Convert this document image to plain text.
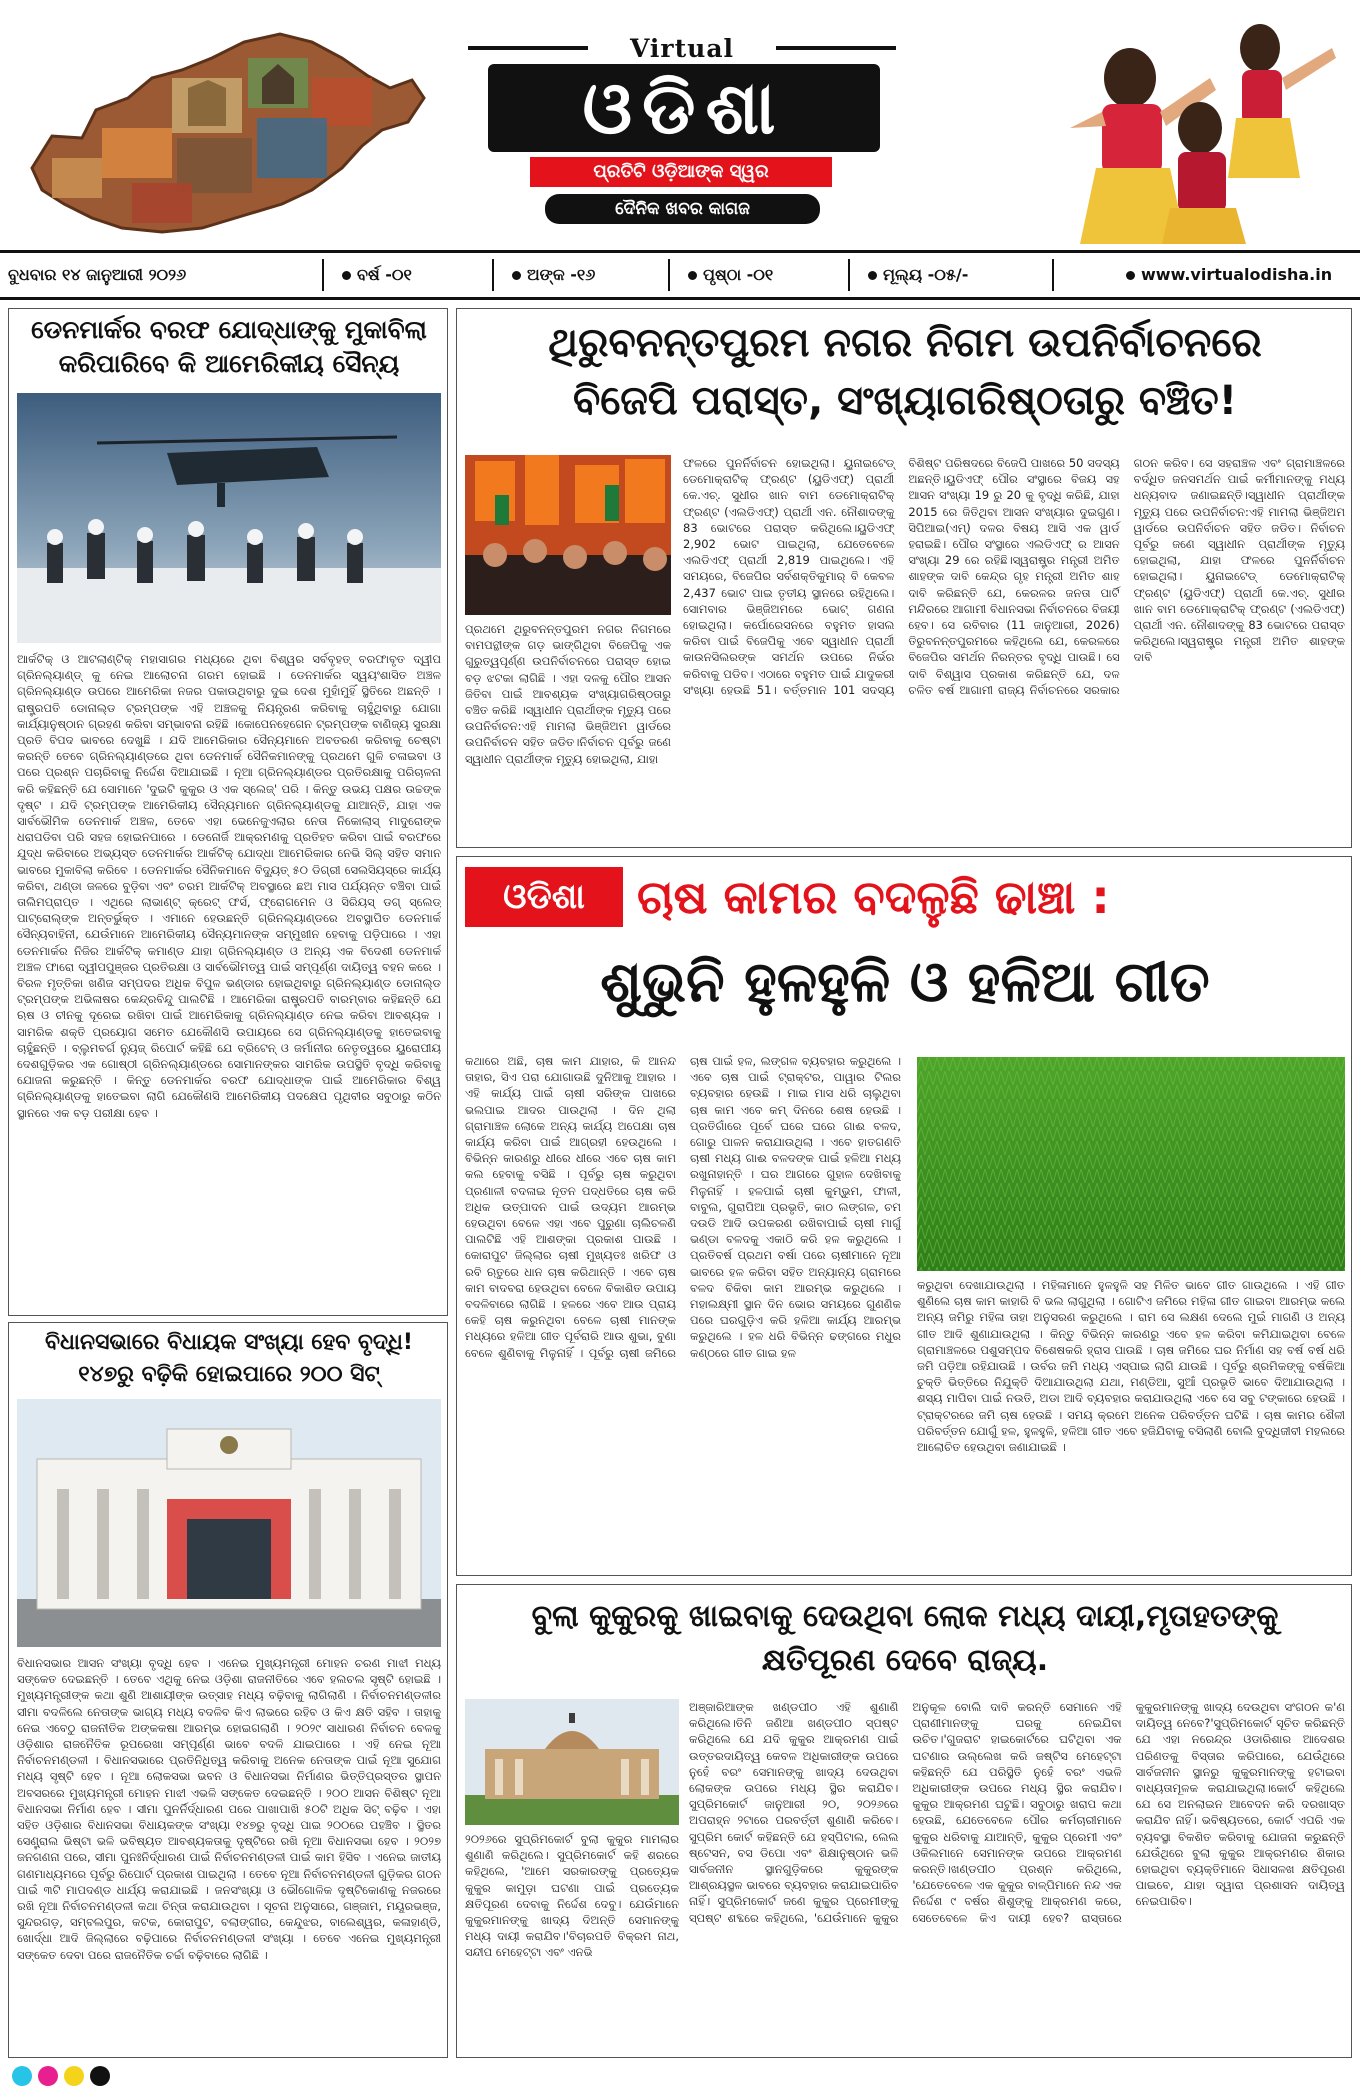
Virtual
ଓଡିଶା
ପ୍ରତିଟି ଓଡ଼ିଆଙ୍କ ସ୍ୱର
ଦୈନିକ ଖବର କାଗଜ
ବୁଧବାର ୧୪ ଜାନୁଆରୀ ୨୦୨୬	ବର୍ଷ -୦୧	ଅଙ୍କ -୧୬	ପୃଷ୍ଠା -୦୧	ମୂଲ୍ୟ -୦୫/-	www.virtualodisha.in
ଡେନମାର୍କର ବରଫ ଯୋଦ୍ଧାଙ୍କୁ ମୁକାବିଲା
କରିପାରିବେ କି ଆମେରିକୀୟ ସୈନ୍ୟ
ଆର୍କଟିକ୍ ଓ ଆଟଲାଣ୍ଟିକ୍ ମହାସାଗର ମଧ୍ୟରେ ଥିବା ବିଶ୍ୱର ସର୍ବବୃହତ୍ ବରଫାବୃତ ଦ୍ୱୀପ ଗ୍ରିନଲ୍ୟାଣ୍ଡ୍ କୁ ନେଇ ଆଲୋଚନା ଗରମ ହୋଇଛି । ଡେନମାର୍କର ସ୍ୱୟଂଶାସିତ ଅଞ୍ଚଳ ଗ୍ରିନଲ୍ୟାଣ୍ଡ ଉପରେ ଆମେରିକା ନଜର ପକାଉଥିବାରୁ ଦୁଇ ଦେଶ ମୁହାଁମୁହିଁ ସ୍ଥିତିରେ ଅଛନ୍ତି । ରାଷ୍ଟ୍ରପତି ଡୋନାଲ୍ଡ ଟ୍ରମ୍ପଙ୍କ ଏହି ଅଞ୍ଚଳକୁ ନିୟନ୍ତ୍ରଣ କରିବାକୁ ଚାହୁଁଥିବାରୁ ଯୋଗା କାର୍ଯ୍ୟାନୁଷ୍ଠାନ ଗ୍ରହଣ କରିବା ସମ୍ଭାବନା ରହିଛି ।କୋପେନହେଗେନ ଟ୍ରମ୍ପଙ୍କ ବାଣିଜ୍ୟ ସୁରକ୍ଷା ପ୍ରତି ବିପଦ ଭାବରେ ଦେଖୁଛି । ଯଦି ଆମେରିକାର ସୈନ୍ୟମାନେ ଅବତରଣ କରିବାକୁ ଚେଷ୍ଟା କରନ୍ତି ତେବେ ଗ୍ରିନଲ୍ୟାଣ୍ଡରେ ଥିବା ଡେନମାର୍କ ସୈନିକମାନଙ୍କୁ ପ୍ରଥମେ ଗୁଳି ଚଳାଇବା ଓ ପରେ ପ୍ରଶ୍ନ ପଚାରିବାକୁ ନିର୍ଦ୍ଦେଶ ଦିଆଯାଇଛି । ନୂଆ ଗ୍ରିନଲ୍ୟାଣ୍ଡର ପ୍ରତିରକ୍ଷାକୁ ପରିଚାଳନା କରି କହିଛନ୍ତି ଯେ ସୋମାନେ 'ଦୁଇଟି କୁକୁର ଓ ଏକ ସ୍ଲେଜ୍' ପରି । କିନ୍ତୁ ଉଭୟ ପକ୍ଷର ଉଚ୍ଚଙ୍କ ଦୃଷ୍ଟ । ଯଦି ଟ୍ରମ୍ପଙ୍କ ଆମେରିକୀୟ ସୈନ୍ୟମାନେ ଗ୍ରିନଲ୍ୟାଣ୍ଡକୁ ଯାଆନ୍ତି, ଯାହା ଏକ ସାର୍ବଭୌମିକ ଡେନମାର୍କ ଅଞ୍ଚଳ, ତେବେ ଏହା ଭେନେଜୁଏଲାର ନେତା ନିକୋଲାସ୍ ମାଦୁରୋଙ୍କ ଧରାପଡିବା ପରି ସହଜ ହୋଇନପାରେ । ଡେନୋର୍ଜି ଆକ୍ରମଣକୁ ପ୍ରତିହତ କରିବା ପାଇଁ ବରଫରେ ଯୁଦ୍ଧ କରିବାରେ ଅଭ୍ୟସ୍ତ ଡେନମାର୍କର ଆର୍କଟିକ୍ ଯୋଦ୍ଧା ଆମେରିକାର ନେଭି ସିଲ୍ ସହିତ ସମାନ ଭାବରେ ମୁକାବିଲା କରିବେ । ଡେନମାର୍କର ସୈନିକମାନେ ବିଦ୍ୟୁତ୍ ୫୦ ଡିଗ୍ରୀ ସେଲସିୟସ୍‌ରେ କାର୍ଯ୍ୟ କରିବା, ଥଣ୍ଡା ଜଳରେ ବୁଡ଼ିବା ଏବଂ ଚରମ ଆର୍କଟିକ୍ ଅବସ୍ଥାରେ ଛଅ ମାସ ପର୍ଯ୍ୟନ୍ତ ବଞ୍ଚିବା ପାଇଁ ତାଲିମପ୍ରାପ୍ତ । ଏଥିରେ ଲାଭାଣ୍ଟ୍ କ୍ରେଟ୍ ଫର୍ସ, ଫ୍ରୋଗମେନ ଓ ସିରିୟସ୍ ଡଗ୍ ସ୍ଲେଡ୍ ପାଟ୍ରୋଲ୍‌ଙ୍କ ଅନ୍ତର୍ଭୁକ୍ତ । ଏମାନେ ହେଉଛନ୍ତି ଗ୍ରିନଲ୍ୟାଣ୍ଡରେ ଅବସ୍ଥାପିତ ଡେନମାର୍କ ସୈନ୍ୟବାହିନୀ, ଯେଉଁମାନେ ଆମେରିକୀୟ ସୈନ୍ୟମାନଙ୍କ ସମ୍ମୁଖୀନ ହେବାକୁ ପଡ଼ିପାରେ । ଏହା ଡେନମାର୍କର ନିଜିର ଆର୍କଟିକ୍ କମାଣ୍ଡ ଯାହା ଗ୍ରିନଲ୍ୟାଣ୍ଡ ଓ ଅନ୍ୟ ଏକ ବିଦେଶୀ ଡେନମାର୍କ ଅଞ୍ଚଳ ଫାରୋ ଦ୍ୱୀପପୁଞ୍ଜର ପ୍ରତିରକ୍ଷା ଓ ସାର୍ବଭୌମତ୍ୱ ପାଇଁ ସମ୍ପୂର୍ଣ୍ଣ ଦାୟିତ୍ୱ ବହନ କରେ । ବିରଳ ମୃତ୍ତିକା ଖଣିଜ ସମ୍ପଦର ଅଧିକ ବିପୁଳ ଭଣ୍ଡାର ହୋଇଥିବାରୁ ଗ୍ରିନଲ୍ୟାଣ୍ଡ ଡୋନାଲ୍ଡ ଟ୍ରମ୍ପଙ୍କ ଅଭିଳାଷର କେନ୍ଦ୍ରବିନ୍ଦୁ ପାଲଟିଛି । ଆମେରିକା ରାଷ୍ଟ୍ରପତି ବାରମ୍ବାର କହିଛନ୍ତି ଯେ ଋଷ ଓ ଚୀନକୁ ଦୂରେଇ ରଖିବା ପାଇଁ ଆମେରିକାକୁ ଗ୍ରିନଲ୍ୟାଣ୍ଡ ନେଇ କରିବା ଆବଶ୍ୟକ । ସାମରିକ ଶକ୍ତି ପ୍ରୟୋଗ ସମେତ ଯେକୌଣସି ଉପାୟରେ ସେ ଗ୍ରିନଲ୍ୟାଣ୍ଡକୁ ହାତେଇବାକୁ ଚାହୁଁଛନ୍ତି । ବ୍ଲୁମବର୍ଗ ନ୍ୟୁଜ୍ ରିପୋର୍ଟ କହିଛି ଯେ ବ୍ରିଟେନ୍ ଓ ଜର୍ମାନୀର ନେତୃତ୍ୱରେ ୟୁରୋପୀୟ ଦେଶଗୁଡ଼ିକର ଏକ ଗୋଷ୍ଠୀ ଗ୍ରିନଲ୍ୟାଣ୍ଡରେ ସୋମାନଙ୍କର ସାମରିକ ଉପସ୍ଥିତି ବୃଦ୍ଧି କରିବାକୁ ଯୋଜନା କରୁଛନ୍ତି । କିନ୍ତୁ ଡେନମାର୍କର ବରଫ ଯୋଦ୍ଧାଙ୍କ ପାଇଁ ଆମେରିକାର ବିଶ୍ୱ ଗ୍ରିନଲ୍ୟାଣ୍ଡକୁ ହାତେଇବା ଲାଗି ଯେକୌଣସି ଆମେରିକୀୟ ପଦକ୍ଷେପ ପୃଥିବୀର ସବୁଠାରୁ କଠିନ ସ୍ଥାନରେ ଏକ ବଡ଼ ପରୀକ୍ଷା ହେବ ।
ବିଧାନସଭାରେ ବିଧାୟକ ସଂଖ୍ୟା ହେବ ବୃଦ୍ଧି!
୧୪୭ରୁ ବଢ଼ିକି ହୋଇପାରେ ୨୦୦ ସିଟ୍
ବିଧାନସଭାର ଆସନ ସଂଖ୍ୟା ବୃଦ୍ଧି ହେବ । ଏନେଇ ମୁଖ୍ୟମନ୍ତ୍ରୀ ମୋହନ ଚରଣ ମାଝୀ ମଧ୍ୟ ସଙ୍କେତ ଦେଇଛନ୍ତି । ତେବେ ଏଥିକୁ ନେଇ ଓଡ଼ିଶା ରାଜନୀତିରେ ଏବେ ହଲଚଲ ସୃଷ୍ଟି ହୋଇଛି । ମୁଖ୍ୟମନ୍ତ୍ରୀଙ୍କ କଥା ଶୁଣି ଆଶାୟୀଙ୍କ ଉତ୍ସାହ ମଧ୍ୟ ବଢ଼ିବାକୁ ଲାଗିଲାଣି । ନିର୍ବାଚନମଣ୍ଡଳୀର ସୀମା ବଦଳିଲେ ନେତାଙ୍କ ଭାଗ୍ୟ ମଧ୍ୟ ବଦଳିବ କିଏ ଲାଭରେ ରହିବ ଓ କିଏ କ୍ଷତି ସହିବ । ତାହାକୁ ନେଇ ଏବେଠୁ ରାଜନୀତିକ ଅଙ୍କକଷା ଆରମ୍ଭ ହୋଇଗଲାଣି । ୨୦୨୯ ସାଧାରଣ ନିର୍ବାଚନ ବେଳକୁ ଓଡ଼ିଶାର ରାଜନୈତିକ ରୂପରେଖା ସମ୍ପୂର୍ଣ୍ଣ ଭାବେ ବଦଳି ଯାଇପାରେ । ଏହି ନେଇ ନୂଆ ନିର୍ବାଚନମଣ୍ଡଳୀ । ବିଧାନସଭାରେ ପ୍ରତିନିଧିତ୍ୱ କରିବାକୁ ଅନେକ ନେତାଙ୍କ ପାଇଁ ନୂଆ ସୁଯୋଗ ମଧ୍ୟ ସୃଷ୍ଟି ହେବ । ନୂଆ ଲୋକସଭା ଭବନ ଓ ବିଧାନସଭା ନିର୍ମାଣର ଭିତ୍ତିପ୍ରସ୍ତର ସ୍ଥାପନ ଅବସରରେ ମୁଖ୍ୟମନ୍ତ୍ରୀ ମୋହନ ମାଝୀ ଏଭଳି ସଙ୍କେତ ଦେଇଛନ୍ତି । ୨୦୦ ଆସନ ବିଶିଷ୍ଟ ନୂଆ ବିଧାନସଭା ନିର୍ମାଣ ହେବ । ସୀମା ପୁନର୍ନିର୍ଦ୍ଧାରଣ ପରେ ପାଖାପାଖି ୫୦ଟି ଅଧିକ ସିଟ୍ ବଢ଼ିବ । ଏହା ସହିତ ଓଡ଼ିଶାର ବିଧାନସଭା ବିଧାୟକଙ୍କ ସଂଖ୍ୟା ୧୪୭ରୁ ବୃଦ୍ଧି ପାଇ ୨୦୦ରେ ପହଞ୍ଚିବ । ସ୍ଥିତର ସେଣ୍ଟ୍ରାଲ ଭିଷ୍ଟା ଭଳି ଭବିଷ୍ୟତ ଆବଶ୍ୟକତାକୁ ଦୃଷ୍ଟିରେ ରଖି ନୂଆ ବିଧାନସଭା ହେବ । ୨୦୨୭ ଜନଗଣନା ପରେ, ସୀମା ପୁନଃନିର୍ଦ୍ଧାରଣ ପାଇଁ ନିର୍ବାଚନମଣ୍ଡଳୀ ପାଇଁ କାମ ହିସିବ । ଏନେଇ ଜାତୀୟ ଗଣମାଧ୍ୟମରେ ପୂର୍ବରୁ ରିପୋର୍ଟ ପ୍ରକାଶ ପାଇଥିଲା । ତେବେ ନୂଆ ନିର୍ବାଚନମଣ୍ଡଳୀ ଗୁଡ଼ିକର ଗଠନ ପାଇଁ ୩ଟି ମାପଦଣ୍ଡ ଧାର୍ଯ୍ୟ କରାଯାଇଛି । ଜନସଂଖ୍ୟା ଓ ଭୌଗୋଳିକ ଦୃଷ୍ଟିକୋଣକୁ ନଜରରେ ରଖି ନୂଆ ନିର୍ବାଚନମଣ୍ଡଳୀ କଥା ଚିନ୍ତା କରାଯାଉଥିବା । ସୂଚନା ଅନୁସାରେ, ଗଞ୍ଜାମ, ମୟୂରଭଞ୍ଜ, ସୁନ୍ଦରଗଡ଼, ସମ୍ବଲପୁର, କଟକ, କୋରାପୁଟ, ବଲାଙ୍ଗୀର, କେନ୍ଦୁଝର, ବାଲେଶ୍ୱର, କଳାହାଣ୍ଡି, ଖୋର୍ଦ୍ଧା ଆଦି ଜିଲ୍ଲାରେ ବଢ଼ିପାରେ ନିର୍ବାଚନମଣ୍ଡଳୀ ସଂଖ୍ୟା । ତେବେ ଏନେଇ ମୁଖ୍ୟମନ୍ତ୍ରୀ ସଙ୍କେତ ଦେବା ପରେ ରାଜନୈତିକ ଚର୍ଚ୍ଚା ବଢ଼ିବାରେ ଲାଗିଛି ।
ଥିରୁବନନ୍ତପୁରମ ନଗର ନିଗମ ଉପନିର୍ବାଚନରେ
ବିଜେପି ପରାସ୍ତ, ସଂଖ୍ୟାଗରିଷ୍ଠତାରୁ ବଞ୍ଚିତ!
ପ୍ରଥମେ ଥିରୁବନନ୍ତପୁରମ ନଗର ନିଗମରେ ବାମପନ୍ଥୀଙ୍କ ଗଡ଼ ଭାଙ୍ଗିଥିବା ବିଜେପିକୁ ଏକ ଗୁରୁତ୍ୱପୂର୍ଣ୍ଣ ଉପନିର୍ବାଚନରେ ପରାସ୍ତ ହୋଇ ବଡ଼ ଝଟକା ଲାଗିଛି । ଏହା ଦଳକୁ ପୌର ଆସନ ଜିତିବା ପାଇଁ ଆବଶ୍ୟକ ସଂଖ୍ୟାଗରିଷ୍ଠତାରୁ ବଞ୍ଚିତ କରିଛି ।ସ୍ୱାଧୀନ ପ୍ରାର୍ଥୀଙ୍କ ମୃତ୍ୟୁ ପରେ ଉପନିର୍ବାଚନ:ଏହି ମାମଲା ଭିଞ୍ଜିଅମ ୱାର୍ଡରେ ଉପନିର୍ବାଚନ ସହିତ ଜଡିତ।ନିର୍ବାଚନ ପୂର୍ବରୁ ଜଣେ ସ୍ୱାଧୀନ ପ୍ରାର୍ଥୀଙ୍କ ମୃତ୍ୟୁ ହୋଇଥିଲା, ଯାହା
ଫଳରେ ପୁନର୍ନିର୍ବାଚନ ହୋଇଥିଲା। ୟୁନାଇଟେଡ୍ ଡେମୋକ୍ରାଟିକ୍ ଫ୍ରଣ୍ଟ (ୟୁଡିଏଫ୍) ପ୍ରାର୍ଥୀ କେ.ଏଚ୍. ସୁଧୀର ଖାନ ବାମ ଡେମୋକ୍ରାଟିକ୍ ଫ୍ରଣ୍ଟ (ଏଲଡିଏଫ୍) ପ୍ରାର୍ଥୀ ଏନ. ନୌଶାଦଙ୍କୁ 83 ଭୋଟରେ ପରାସ୍ତ କରିଥିଲେ।ୟୁଡିଏଫ୍ 2,902 ଭୋଟ ପାଇଥିଲା, ଯେତେବେଳେ ଏଲଡିଏଫ୍ ପ୍ରାର୍ଥୀ 2,819 ପାଇଥିଲେ। ଏହି ସମୟରେ, ବିଜେପିର ସର୍ବଶକ୍ତିକୁମାର୍ ବି କେବଳ 2,437 ଭୋଟ ପାଇ ତୃତୀୟ ସ୍ଥାନରେ ରହିଥିଲେ। ସୋମବାର ଭିଞ୍ଜିଅମରେ ଭୋଟ୍ ଗଣନା ହୋଇଥିଲା। କର୍ପୋରେସନରେ ବହୁମତ ହାସଲ କରିବା ପାଇଁ ବିଜେପିକୁ ଏବେ ସ୍ୱାଧୀନ ପ୍ରାର୍ଥୀ କାଉନସିଲରଙ୍କ ସମର୍ଥନ ଉପରେ ନିର୍ଭର କରିବାକୁ ପଡିବ। ଏଠାରେ ବହୁମତ ପାଇଁ ଯାଦୁକରୀ ସଂଖ୍ୟା ହେଉଛି 51। ବର୍ତ୍ତମାନ 101 ସଦସ୍ୟ ବିଶିଷ୍ଟ ପରିଷଦରେ ବିଜେପି ପାଖରେ 50 ସଦସ୍ୟ ଅଛନ୍ତି।ୟୁଡିଏଫ୍ ପୌର ସଂସ୍ଥାରେ ବିଜୟ ସହ ଆସନ ସଂଖ୍ୟା 19 ରୁ 20 କୁ ବୃଦ୍ଧି କରିଛି, ଯାହା 2015 ରେ ଜିତିଥିବା ଆସନ ସଂଖ୍ୟାର ଦୁଇଗୁଣ। ସିପିଆଇ(ଏମ୍) ଦଳର ବିଷୟ ଆସି ଏକ ୱାର୍ଡ ହରାଇଛି। ପୌର ସଂସ୍ଥାରେ ଏଲଡିଏଫ୍ ର ଆସନ ସଂଖ୍ୟା 29 ରେ ରହିଛି।ସ୍ୱରାଷ୍ଟ୍ର ମନ୍ତ୍ରୀ ଅମିତ ଶାହଙ୍କ ଦାବି କେନ୍ଦ୍ର ଗୃହ ମନ୍ତ୍ରୀ ଅମିତ ଶାହ ଦାବି କରିଛନ୍ତି ଯେ, କେରଳର ଜନତା ପାର୍ଟି ମନ୍ଦିରରେ ଆଗାମୀ ବିଧାନସଭା ନିର୍ବାଚନରେ ବିଜୟୀ ହେବ। ସେ ରବିବାର (11 ଜାନୁଆରୀ, 2026) ତିରୁବନନ୍ତପୁରମରେ କହିଥିଲେ ଯେ, କେରଳରେ ବିଜେପିର ସମର୍ଥନ ନିରନ୍ତର ବୃଦ୍ଧି ପାଉଛି। ସେ ଦାବି ବିଶ୍ୱାସ ପ୍ରକାଶ କରିଛନ୍ତି ଯେ, ଦଳ ଚଳିତ ବର୍ଷ ଆଗାମୀ ରାଜ୍ୟ ନିର୍ବାଚନରେ ସରକାର ଗଠନ କରିବ। ସେ ସହରାଞ୍ଚଳ ଏବଂ ଗ୍ରାମାଞ୍ଚଳରେ ବର୍ଦ୍ଧିତ ଜନସମର୍ଥନ ପାଇଁ କର୍ମୀମାନଙ୍କୁ ମଧ୍ୟ ଧନ୍ୟବାଦ ଜଣାଇଛନ୍ତି।ସ୍ୱାଧୀନ ପ୍ରାର୍ଥୀଙ୍କ ମୃତ୍ୟୁ ପରେ ଉପନିର୍ବାଚନ:ଏହି ମାମଲା ଭିଞ୍ଜିଅମ ୱାର୍ଡରେ ଉପନିର୍ବାଚନ ସହିତ ଜଡିତ। ନିର୍ବାଚନ ପୂର୍ବରୁ ଜଣେ ସ୍ୱାଧୀନ ପ୍ରାର୍ଥୀଙ୍କ ମୃତ୍ୟୁ ହୋଇଥିଲା, ଯାହା ଫଳରେ ପୁନର୍ନିର୍ବାଚନ ହୋଇଥିଲା। ୟୁନାଇଟେଡ୍ ଡେମୋକ୍ରାଟିକ୍ ଫ୍ରଣ୍ଟ (ୟୁଡିଏଫ୍) ପ୍ରାର୍ଥୀ କେ.ଏଚ୍. ସୁଧୀର ଖାନ ବାମ ଡେମୋକ୍ରାଟିକ୍ ଫ୍ରଣ୍ଟ (ଏଲଡିଏଫ୍) ପ୍ରାର୍ଥୀ ଏନ. ନୌଶାଦଙ୍କୁ 83 ଭୋଟରେ ପରାସ୍ତ କରିଥିଲେ।ସ୍ୱରାଷ୍ଟ୍ର ମନ୍ତ୍ରୀ ଅମିତ ଶାହଙ୍କ ଦାବି
ଓଡିଶା	ଚାଷ କାମର ବଦଳୁଛି ଢାଞ୍ଚା :
ଶୁଭୁନି ହୁଳହୁଳି ଓ ହଳିଆ ଗୀତ
କଥାରେ ଅଛି, ଚାଷ କାମ ଯାହାର, କି ଆନନ୍ଦ ତାହାର, ସିଏ ପରା ଯୋଗାଉଛି ଦୁନିଆକୁ ଆହାର । ଏହି କାର୍ଯ୍ୟ ପାଇଁ ଚାଷୀ ସରିଙ୍କ ପାଖରେ ଭଲପାଇ ଆଦର ପାଉଥିଲା । ଦିନ ଥିଲା ଗ୍ରାମାଞ୍ଚଳ ଲୋକେ ଅନ୍ୟ କାର୍ଯ୍ୟ ଅପେକ୍ଷା ଚାଷ କାର୍ଯ୍ୟ କରିବା ପାଇଁ ଆଗ୍ରହୀ ହେଉଥିଲେ । ବିଭିନ୍ନ କାରଣରୁ ଧୀରେ ଧୀରେ ଏବେ ଚାଷ କାମ କଲ ହେବାକୁ ବସିଛି । ପୂର୍ବରୁ ଚାଷ କରୁଥିବା ପ୍ରଣାଳୀ ବଦଳାଇ ନୂତନ ପଦ୍ଧତିରେ ଚାଷ କରି ଅଧିକ ଉତ୍ପାଦନ ପାଇଁ ଉଦ୍ୟମ ଆରମ୍ଭ ହେଉଥିବା ବେଳେ ଏହା ଏବେ ପୁରୁଣା ଚାଲିଚଳଣି ପାଲଟିଛି ଏହି ଆଶଙ୍କା ପ୍ରକାଶ ପାଉଛି । କୋରାପୁଟ ଜିଲ୍ଲାର ଚାଷୀ ମୁଖ୍ୟତଃ ଖରିଫ ଓ ରବି ଋତୁରେ ଧାନ ଚାଷ କରିଥାନ୍ତି । ଏବେ ଚାଷ କାମ ବାଦବରା ହେଉଥିବା ବେଳେ ବିକାଶିତ ଉପାୟ ବଦଳିବାରେ ଲାଗିଛି । ହଳରେ ଏବେ ଆଉ ପ୍ରାୟ କେହି ଚାଷ କରୁନଥିବା ବେଳେ ଚାଷୀ ମାନଙ୍କ ମଧ୍ୟରେ ହଳିଆ ଗୀତ ପୂର୍ବରାରି ଆଉ ଶୁଭା, ବୁଣା ବେଳେ ଶୁଣିବାକୁ ମିଳୁନାହିଁ । ପୂର୍ବରୁ ଚାଷୀ ଜମିରେ ଚାଷ ପାଇଁ ହଳ, ଲଙ୍ଗଳ ବ୍ୟବହାର କରୁଥିଲେ । ଏବେ ଚାଷ ପାଇଁ ଟ୍ରାକ୍ଟର, ପାୱାର ଟିଲର ବ୍ୟବହାର ହେଉଛି । ମାଇ ମାସ ଧରି ଚାଲୁଥିବା ଚାଷ କାମ ଏବେ କମ୍ ଦିନରେ ଶେଷ ହେଉଛି । ପ୍ରତିଗାଁରେ ପୂର୍ବେ ଘରେ ଘରେ ଗାଈ ବଳଦ, ଗୋରୁ ପାଳନ କରାଯାଉଥିଲା । ଏବେ ହାତଗଣତି ଚାଷୀ ମଧ୍ୟ ଗାଈ ବଳଦଙ୍କ ପାଇଁ ହଳିଆ ମଧ୍ୟ ରଖୁନାହାନ୍ତି । ଘର ଆଗରେ ଗୁହାଳ ଦେଖିବାକୁ ମିଳୁନାହିଁ । ହଳପାଇଁ ଚାଷୀ କୁମ୍ଭୁମ, ଫାଳୀ, ବାବୁଲ, ଗୁରାପିଆ ପ୍ରଭୃତି, କାଠ ଲଙ୍ଗଳ, ଚମ ଦଉଡି ଆଦି ଉପକରଣ ରଖିବାପାଇଁ ଚାଷୀ ମାର୍ଗୁ ଭଣ୍ଡା ବଳଦକୁ ଏକାଠି କରି ହଳ କରୁଥିଲେ । ପ୍ରତିବର୍ଷ ପ୍ରଥମ ବର୍ଷା ପରେ ଚାଷୀମାନେ ନୂଆ ଭାବରେ ହଳ କରିବା ସହିତ ଅନ୍ୟାନ୍ୟ ଗ୍ରାମରେ ବଳଦ ବିକିବା କାମ ଆରମ୍ଭ କରୁଥିଲେ । ମହାଲକ୍ଷ୍ମୀ ସ୍ଥାନ ଦିନ ଭୋର ସମୟରେ ଗୁଣଣିକ ପରେ ଘରଗୁଡ଼ିଏ କରି ହଳିଆ କାର୍ଯ୍ୟ ଆରମ୍ଭ କରୁଥିଲେ । ହଳ ଧରି ବିଭିନ୍ନ ଢଙ୍ଗରେ ମଧୁର କଣ୍ଠରେ ଗୀତ ଗାଇ ହଳ
କରୁଥିବା ଦେଖାଯାଉଥିଲା । ମହିଳାମାନେ ହୁଳହୁଳି ସହ ମିଳିତ ଭାବେ ଗୀତ ଗାଉଥିଲେ । ଏହି ଗୀତ ଶୁଣିଲେ ଚାଷ କାମ କାହାରି ବି ଭଲ ଲାଗୁଥିଲା । ଗୋଟିଏ ଜମିରେ ମହିଳା ଗୀତ ଗାଇବା ଆରମ୍ଭ କଲେ ଅନ୍ୟ ଜମିରୁ ମହିଳା ତାହା ଅନୁସରଣ କରୁଥିଲେ । ରାମ ସେ ଲକ୍ଷଣ ଦେଲେ ମୁଇଁ ମାଗଣି ଓ ଅନ୍ୟ ଗୀତ ଆଦି ଶୁଣାଯାଉଥିଲା । କିନ୍ତୁ ବିଭିନ୍ନ କାରଣରୁ ଏବେ ହଳ କରିବା କମିଯାଇଥିବା ବେଳେ ଗ୍ରାମାଞ୍ଚଳରେ ପଶୁସମ୍ପଦ ବିଶେଷକରି ହ୍ରାସ ପାଉଛି । ଚାଷ ଜମିରେ ଘର ନିର୍ମାଣ ସହ ବର୍ଷ ବର୍ଷ ଧରି ଜମି ପଡ଼ିଆ ରହିଯାଉଛି । ଉର୍ବର ଜମି ମଧ୍ୟ ଏସ୍ପାଇ ଲାଗି ଯାଉଛି । ପୂର୍ବରୁ ଶ୍ରମିକଙ୍କୁ ବର୍ଷକିଆ ଚୁକ୍ତି ଭିତ୍ତିରେ ନିଯୁକ୍ତି ଦିଆଯାଉଥିଲା ଯଥା, ମଣ୍ଡିଆ, ସୁଆଁ ପ୍ରଭୃତି ଭାବେ ଦିଆଯାଉଥିଲା । ଶସ୍ୟ ମାପିବା ପାଇଁ ନଉତି, ଅଡା ଆଦି ବ୍ୟବହାର କରାଯାଉଥିଲା ଏବେ ସେ ସବୁ ଟଙ୍କାରେ ହେଉଛି । ଟ୍ରାକ୍ଟରରେ ଜମି ଚାଷ ହେଉଛି । ସମୟ କ୍ରମେ ଅନେକ ପରିବର୍ତ୍ତନ ଘଟିଛି । ଚାଷ କାମର ଶୈଳୀ ପରିବର୍ତ୍ତନ ଯୋଗୁଁ ହଳ, ହୁଳହୁଳି, ହଳିଆ ଗୀତ ଏବେ ହଜିଯିବାକୁ ବସିଲାଣି ବୋଲି ବୁଦ୍ଧିଜୀବୀ ମହଲରେ ଆଲୋଚିତ ହେଉଥିବା ଜଣାଯାଇଛି ।
ବୁଲା କୁକୁରକୁ ଖାଇବାକୁ ଦେଉଥିବା ଲୋକ ମଧ୍ୟ ଦାୟୀ,ମୃତାହତଙ୍କୁ
କ୍ଷତିପୂରଣ ଦେବେ ରାଜ୍ୟ.
୨୦୨୬ରେ ସୁପ୍ରିମକୋର୍ଟ ବୁଲା କୁକୁର ମାମଲାର ଶୁଣାଣି କରିଥିଲେ। ସୁପ୍ରିମକୋର୍ଟ କହି ଶରରେ କହିଥିଲେ, 'ଆମେ ସରକାରଙ୍କୁ ପ୍ରତ୍ୟେକ କୁକୁର କାମୁଡ଼ା ଘଟଣା ପାଇଁ ପ୍ରତ୍ୟେକ କ୍ଷତିପୂରଣ ଦେବାକୁ ନିର୍ଦ୍ଦେଶ ଦେବୁ। ଯେଉଁମାନେ କୁକୁରମାନଙ୍କୁ ଖାଦ୍ୟ ଦିଅନ୍ତି ସେମାନଙ୍କୁ ମଧ୍ୟ ଦାୟୀ କରାଯିବ।'ବିଚାରପତି ବିକ୍ରମ ନାଥ, ସନ୍ଦୀପ ମେହେଟ୍ଟା ଏବଂ ଏନଭି
ଅଞ୍ଜାରିଆଙ୍କ ଖଣ୍ଡପୀଠ ଏହି ଶୁଣାଣି କରିଥିଲେ।ତିନି ଜଣିଆ ଖଣ୍ଡପୀଠ ସ୍ପଷ୍ଟ କରିଥିଲେ ଯେ ଯଦି କୁକୁର ଆକ୍ରମଣ ପାଇଁ ଉତ୍ତରଦାୟିତ୍ୱ କେବଳ ଅଧିକାରୀଙ୍କ ଉପରେ ନୁହେଁ ବରଂ ସେମାନଙ୍କୁ ଖାଦ୍ୟ ଦେଉଥିବା ଲୋକଙ୍କ ଉପରେ ମଧ୍ୟ ସ୍ଥିର କରାଯିବ। ସୁପ୍ରିମକୋର୍ଟ ଜାନୁଆରୀ ୨୦, ୨୦୨୬ରେ ଅପରାହ୍ନ ୨ଟାରେ ପରବର୍ତ୍ତୀ ଶୁଣାଣି କରିବେ।ସୁପ୍ରିମ କୋର୍ଟ କହିଛନ୍ତି ଯେ ହସ୍ପିଟାଲ, ଲେଲ ଷ୍ଟେସନ, ବସ ଡିପୋ ଏବଂ ଶିକ୍ଷାନୁଷ୍ଠାନ ଭଳି ସାର୍ବଜନୀନ ସ୍ଥାନଗୁଡ଼ିକରେ କୁକୁରଙ୍କ ଆଶ୍ରୟସ୍ଥଳ ଭାବରେ ବ୍ୟବହାର କରାଯାଇପାରିବ ନାହିଁ। ସୁପ୍ରିମକୋର୍ଟ ଜଣେ କୁକୁର ପ୍ରେମୀଙ୍କୁ ସ୍ପଷ୍ଟ ଶବ୍ଦରେ କହିଥିଲେ, 'ଯେଉଁମାନେ କୁକୁର ଅନୁକୂଳ ବୋଲି ଦାବି କରନ୍ତି ସେମାନେ ଏହି ପ୍ରାଣୀମାନଙ୍କୁ ଘରକୁ ନେଇଯିବା ଉଚିତ।'ଗୁଜରାଟ ହାଇକୋର୍ଟରେ ଘଟିଥିବା ଏକ ଘଟଣାର ଉଲ୍ଲେଖ କରି ଜଷ୍ଟିସ ମେହେଟ୍ଟା କହିଛନ୍ତି ଯେ ପରିସ୍ଥିତି ନୁହେଁ ବରଂ ଏଭଳି ଅଧିକାରୀଙ୍କ ଉପରେ ମଧ୍ୟ ସ୍ଥିର କରାଯିବ। କୁକୁର ଆକ୍ରମଣ ଘଟୁଛି। ସବୁଠାରୁ ଖରାପ କଥା ହେଉଛି, ଯେତେବେଳେ ପୌର କର୍ମଚାରୀମାନେ କୁକୁର ଧରିବାକୁ ଯାଆନ୍ତି, କୁକୁର ପ୍ରେମୀ ଏବଂ ଓକିଲମାନେ ସେମାନଙ୍କ ଉପରେ ଆକ୍ରମଣ କରନ୍ତି।ଖଣ୍ଡପୀଠ ପ୍ରଶ୍ନ କରିଥିଲେ, 'ଯେତେବେଳେ ଏକ କୁକୁର ବାଳ୍ପିମାନେ ନନ୍ଦ ଏକ ନିର୍ଦ୍ଦେଶ ୯ ବର୍ଷର ଶିଶୁଙ୍କୁ ଆକ୍ରମଣ କରେ, ସେତେବେଳେ କିଏ ଦାୟୀ ହେବ? ରାସ୍ତାରେ କୁକୁରମାନଙ୍କୁ ଖାଦ୍ୟ ଦେଉଥିବା ସଂଗଠନ କ'ଣ ଦାୟିତ୍ୱ ନେବେ?'ସୁପ୍ରିମକୋର୍ଟ ସୂଚିତ କରିଛନ୍ତି ଯେ ଏହା ନରେନ୍ଦ୍ର ଓଡାରିଶାର ଆଦେଶର ପରିଣତକୁ ବିସ୍ତାର କରିପାରେ, ଯେଉଁଥିରେ ସାର୍ବଜନୀନ ସ୍ଥାନରୁ କୁକୁରମାନଙ୍କୁ ହଟାଇବା ବାଧ୍ୟତାମୂଳକ କରାଯାଇଥିଲା।କୋର୍ଟ କହିଥିଲେ ଯେ ସେ ଅନଲାଇନ ଆବେଦନ କରି ଦରଖାସ୍ତ କରାଯିବ ନାହିଁ। ଭବିଷ୍ୟତରେ, କୋର୍ଟ ଏପରି ଏକ ବ୍ୟବସ୍ଥା ବିକଶିତ କରିବାକୁ ଯୋଜନା କରୁଛନ୍ତି ଯେଉଁଥିରେ ବୁଲା କୁକୁର ଆକ୍ରମଣର ଶିକାର ହୋଇଥିବା ବ୍ୟକ୍ତିମାନେ ସିଧାସଳଖ କ୍ଷତିପୂରଣ ପାଇବେ, ଯାହା ଦ୍ୱାରା ପ୍ରଶାସନ ଦାୟିତ୍ୱ ନେଇପାରିବ।
